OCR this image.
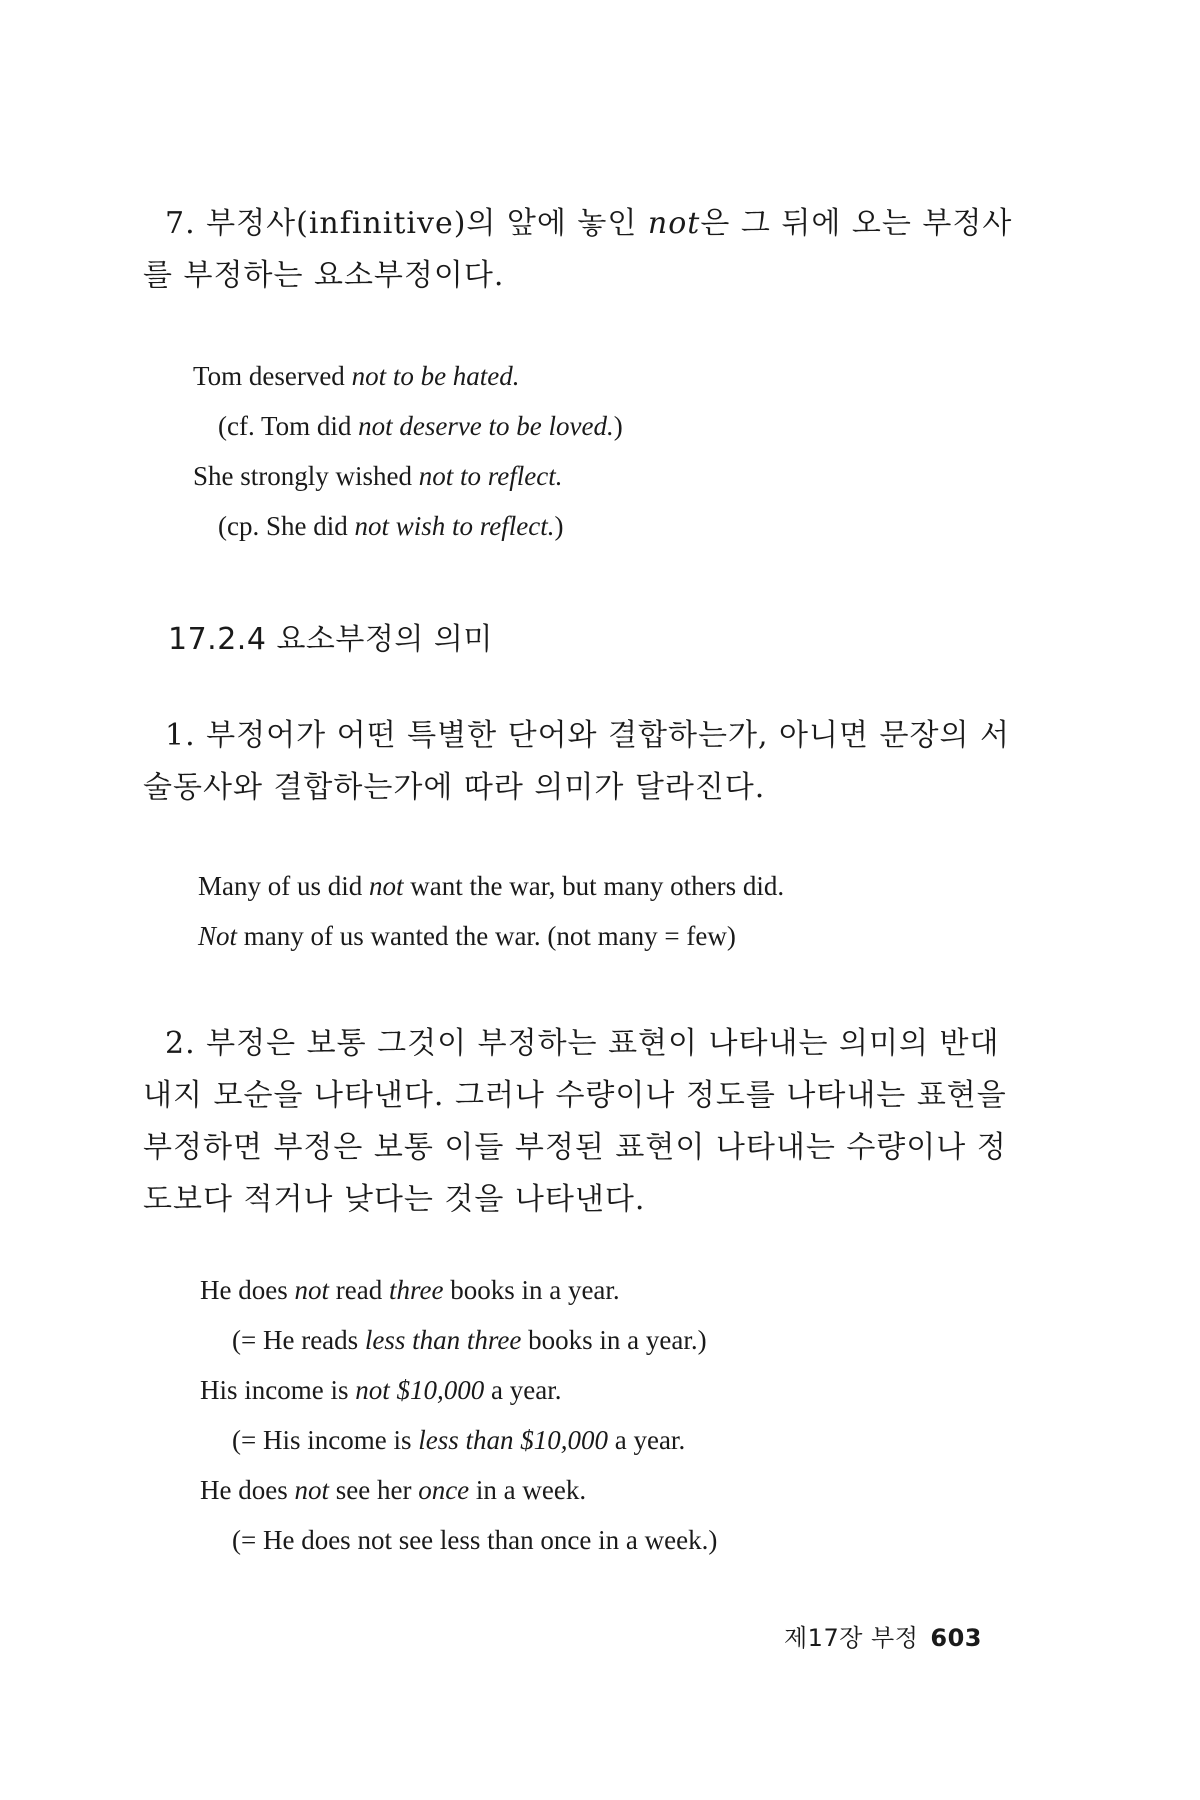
7. 부정사(infinitive)의 앞에 놓인 not은 그 뒤에 오는 부정사를 부정하는 요소부정이다.
Tom deserved not to be hated.
(cf. Tom did not deserve to be loved.)
She strongly wished not to reflect.
(cp. She did not wish to reflect.)
17.2.4 요소부정의 의미
1. 부정어가 어떤 특별한 단어와 결합하는가, 아니면 문장의 서술동사와 결합하는가에 따라 의미가 달라진다.
Many of us did not want the war, but many others did.
Not many of us wanted the war. (not many = few)
2. 부정은 보통 그것이 부정하는 표현이 나타내는 의미의 반대 내지 모순을 나타낸다. 그러나 수량이나 정도를 나타내는 표현을 부정하면 부정은 보통 이들 부정된 표현이 나타내는 수량이나 정도보다 적거나 낮다는 것을 나타낸다.
He does not read three books in a year.
(= He reads less than three books in a year.)
His income is not $10,000 a year.
(= His income is less than $10,000 a year.
He does not see her once in a week.
(= He does not see less than once in a week.)
제17장 부정 603
